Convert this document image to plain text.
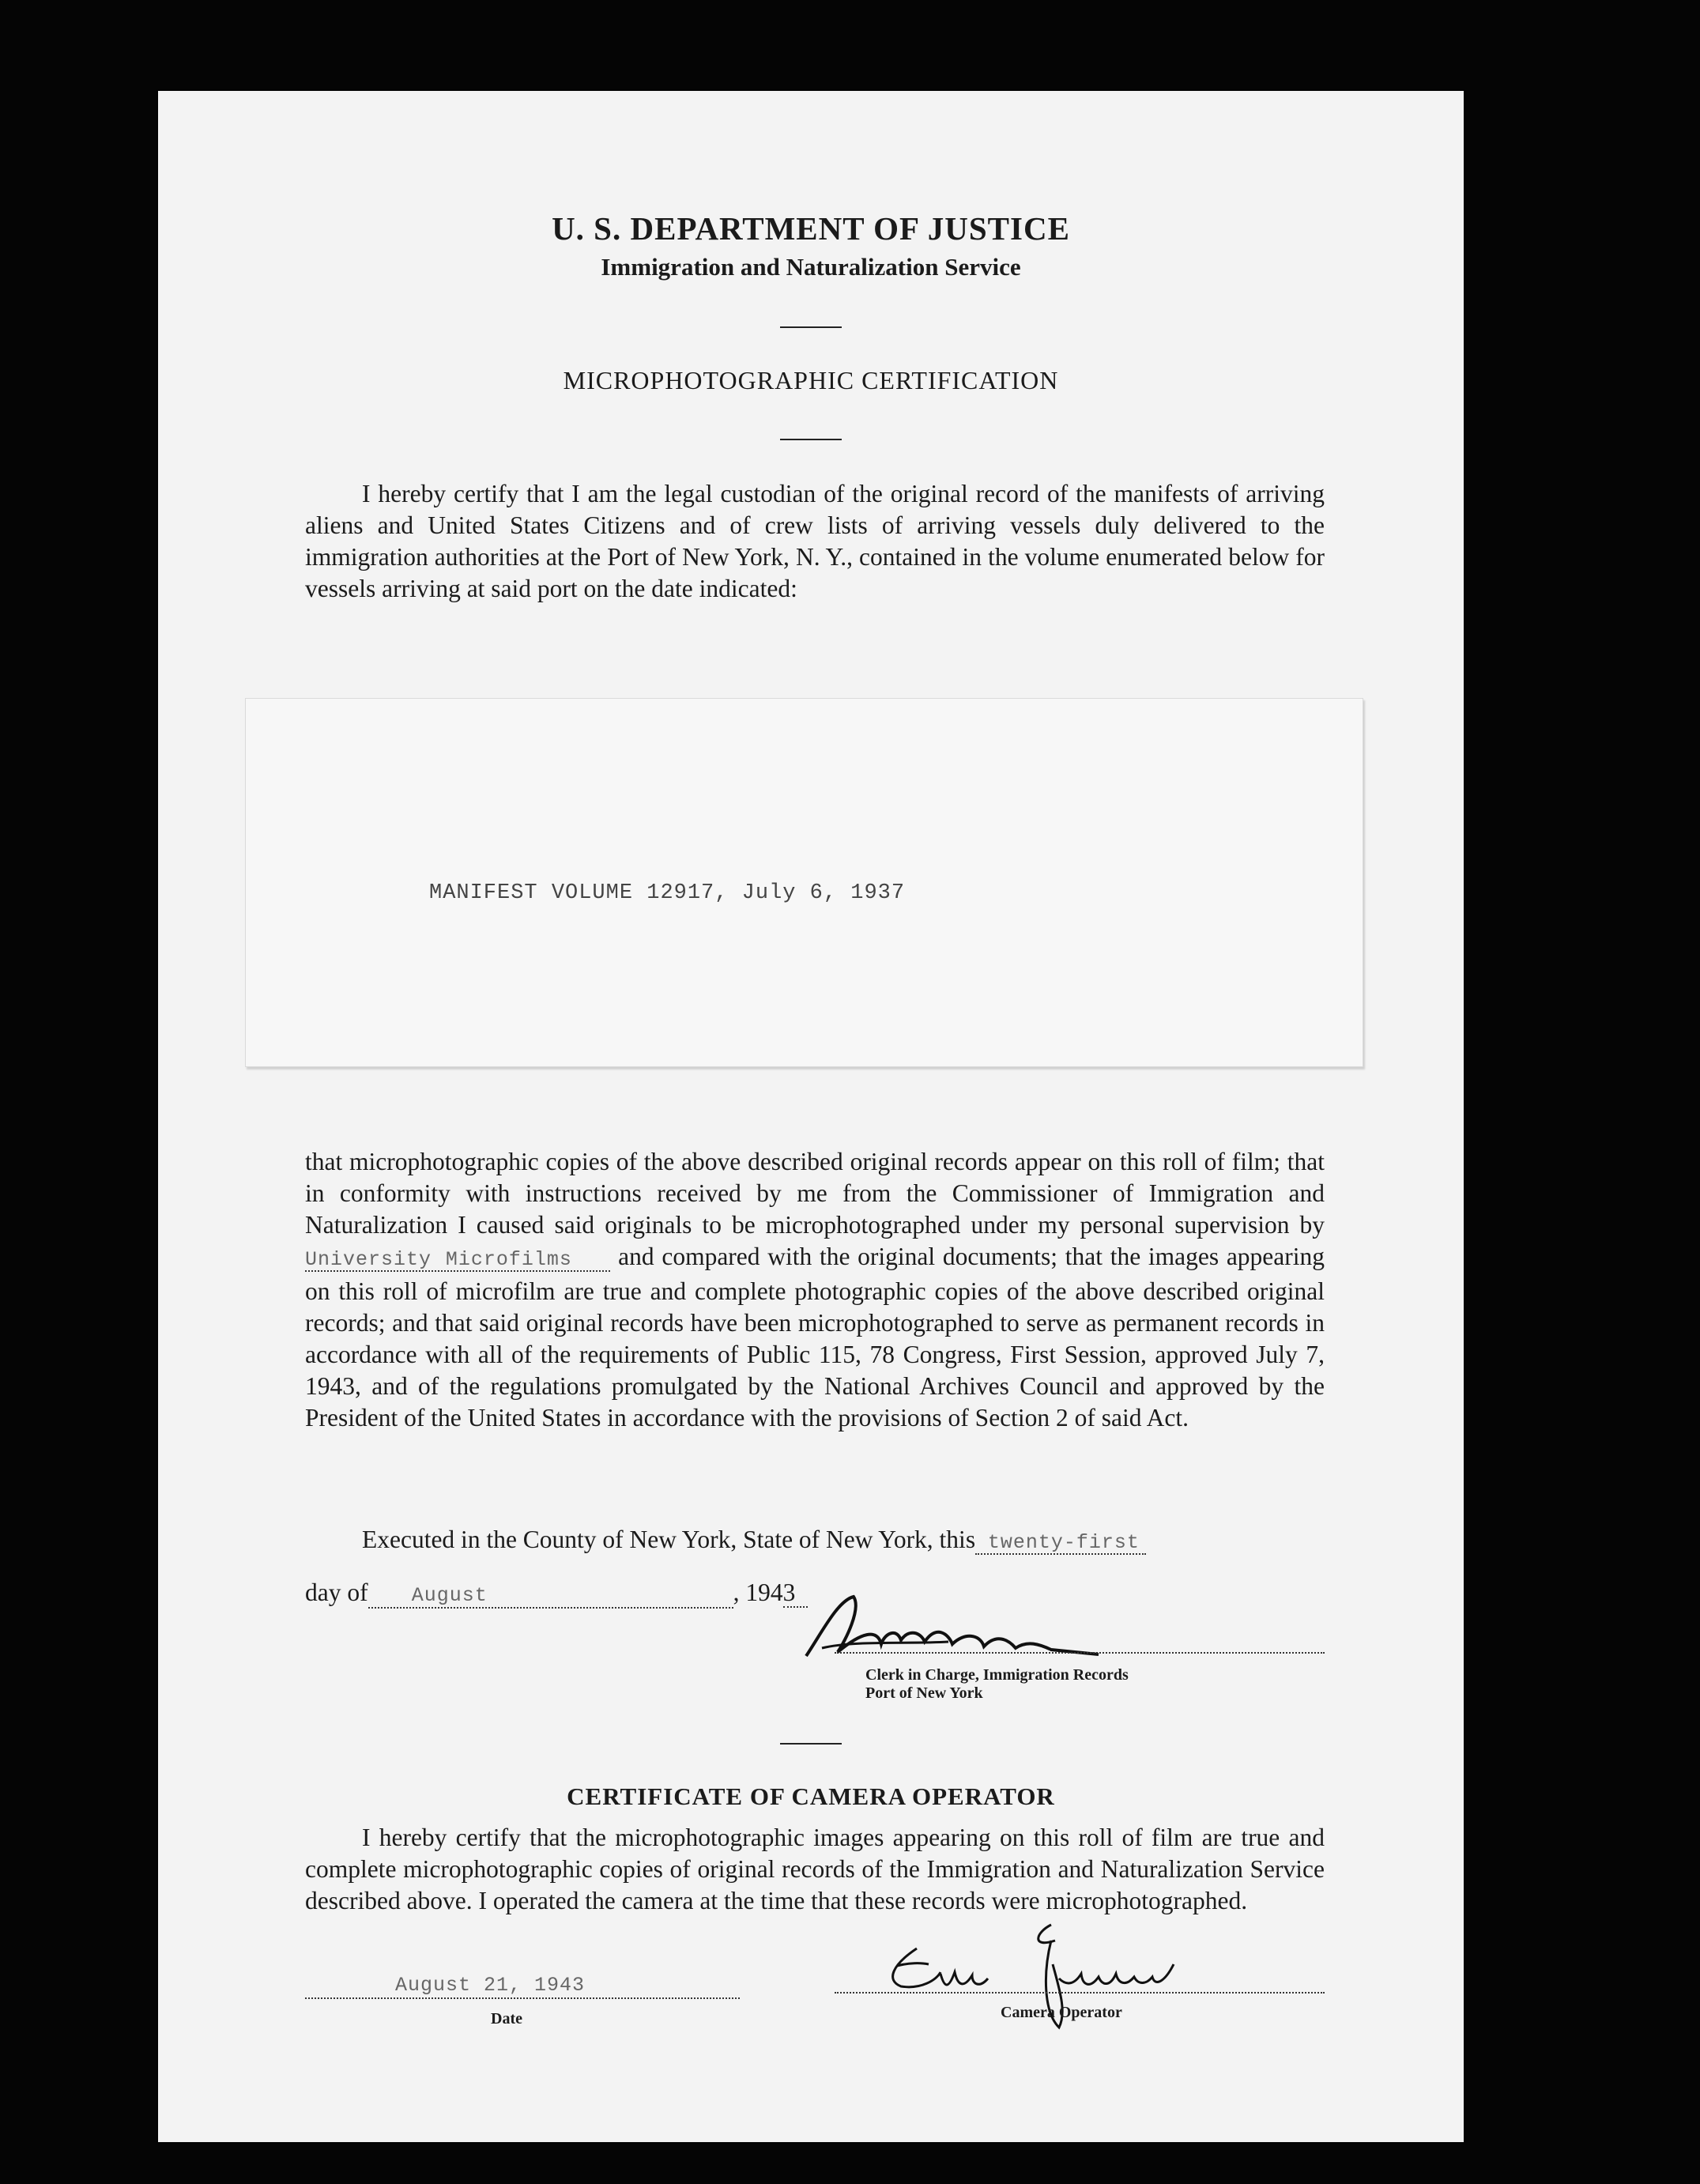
U. S. DEPARTMENT OF JUSTICE
Immigration and Naturalization Service
MICROPHOTOGRAPHIC CERTIFICATION
I hereby certify that I am the legal custodian of the original record of the manifests of arriving aliens and United States Citizens and of crew lists of arriving vessels duly delivered to the immigration authorities at the Port of New York, N. Y., contained in the volume enumerated below for vessels arriving at said port on the date indicated:
MANIFEST VOLUME 12917, July 6, 1937
that microphotographic copies of the above described original records appear on this roll of film; that in conformity with instructions received by me from the Commissioner of Immigration and Naturalization I caused said originals to be microphotographed under my personal supervision by University Microfilms and compared with the original documents; that the images appearing on this roll of microfilm are true and complete photographic copies of the above described original records; and that said original records have been microphotographed to serve as permanent records in accordance with all of the requirements of Public 115, 78 Congress, First Session, approved July 7, 1943, and of the regulations promulgated by the National Archives Council and approved by the President of the United States in accordance with the provisions of Section 2 of said Act.
Executed in the County of New York, State of New York, this twenty-first
day of August	, 1943
Clerk in Charge, Immigration Records
Port of New York
CERTIFICATE OF CAMERA OPERATOR
I hereby certify that the microphotographic images appearing on this roll of film are true and complete microphotographic copies of original records of the Immigration and Naturalization Service described above. I operated the camera at the time that these records were microphotographed.
August 21, 1943
Date	Camera Operator
